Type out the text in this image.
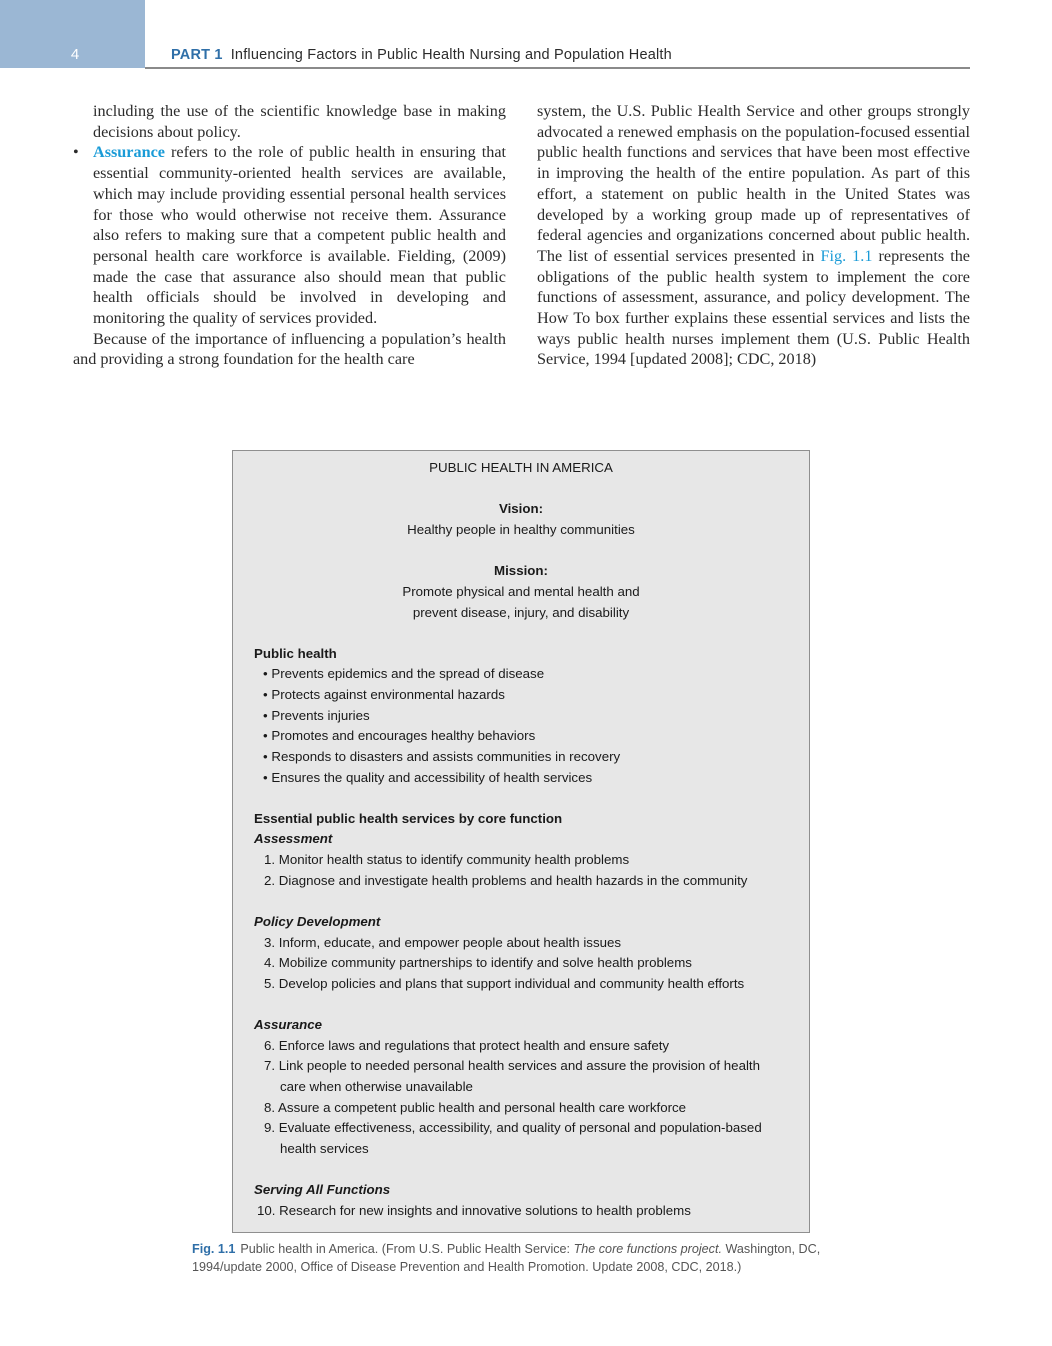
4	PART 1 Influencing Factors in Public Health Nursing and Population Health

including the use of the scientific knowledge base in making decisions about policy.

• Assurance refers to the role of public health in ensuring that essential community-oriented health services are available, which may include providing essential personal health services for those who would otherwise not receive them. Assurance also refers to making sure that a competent public health and personal health care workforce is available. Fielding, (2009) made the case that assurance also should mean that public health officials should be involved in developing and monitoring the quality of services provided.

Because of the importance of influencing a population’s health and providing a strong foundation for the health care

system, the U.S. Public Health Service and other groups strongly advocated a renewed emphasis on the population-focused essential public health functions and services that have been most effective in improving the health of the entire population. As part of this effort, a statement on public health in the United States was developed by a working group made up of representatives of federal agencies and organizations concerned about public health. The list of essential services presented in Fig. 1.1 represents the obligations of the public health system to implement the core functions of assessment, assurance, and policy development. The How To box further explains these essential services and lists the ways public health nurses implement them (U.S. Public Health Service, 1994 [updated 2008]; CDC, 2018)

PUBLIC HEALTH IN AMERICA
Vision:
Healthy people in healthy communities
Mission:
Promote physical and mental health and
prevent disease, injury, and disability
Public health
• Prevents epidemics and the spread of disease
• Protects against environmental hazards
• Prevents injuries
• Promotes and encourages healthy behaviors
• Responds to disasters and assists communities in recovery
• Ensures the quality and accessibility of health services
Essential public health services by core function
Assessment
1. Monitor health status to identify community health problems
2. Diagnose and investigate health problems and health hazards in the community
Policy Development
3. Inform, educate, and empower people about health issues
4. Mobilize community partnerships to identify and solve health problems
5. Develop policies and plans that support individual and community health efforts
Assurance
6. Enforce laws and regulations that protect health and ensure safety
7. Link people to needed personal health services and assure the provision of health
care when otherwise unavailable
8. Assure a competent public health and personal health care workforce
9. Evaluate effectiveness, accessibility, and quality of personal and population-based
health services
Serving All Functions
10. Research for new insights and innovative solutions to health problems
Fig. 1.1 Public health in America. (From U.S. Public Health Service: The core functions project. Washington, DC, 1994/update 2000, Office of Disease Prevention and Health Promotion. Update 2008, CDC, 2018.)
